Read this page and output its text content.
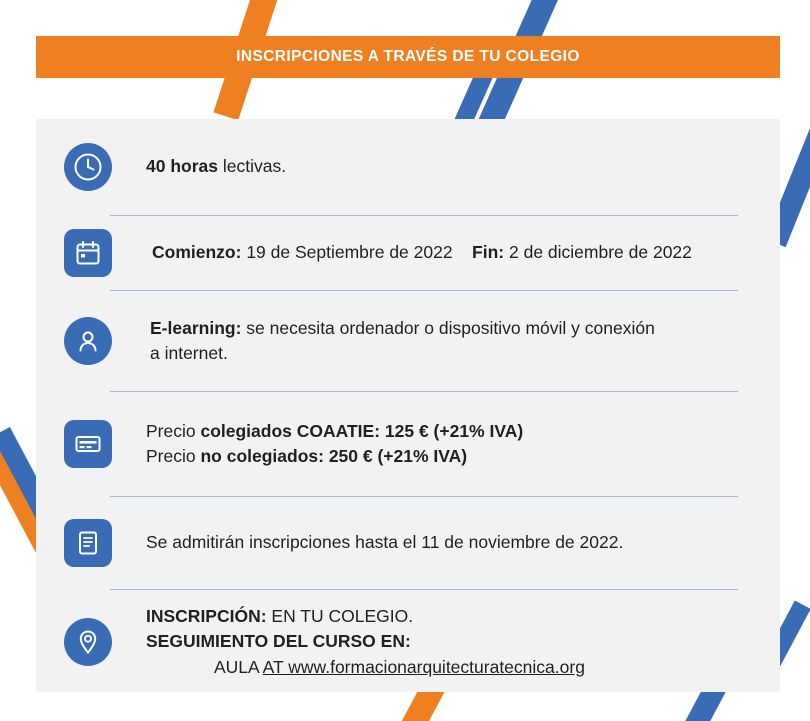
INSCRIPCIONES A TRAVÉS DE TU COLEGIO
40 horas lectivas.
Comienzo: 19 de Septiembre de 2022 Fin: 2 de diciembre de 2022
E-learning: se necesita ordenador o dispositivo móvil y conexión
a internet.
Precio colegiados COAATIE: 125 € (+21% IVA)
Precio no colegiados: 250 € (+21% IVA)
Se admitirán inscripciones hasta el 11 de noviembre de 2022.
INSCRIPCIÓN: EN TU COLEGIO.
SEGUIMIENTO DEL CURSO EN:
AULA AT www.formacionarquitecturatecnica.org
